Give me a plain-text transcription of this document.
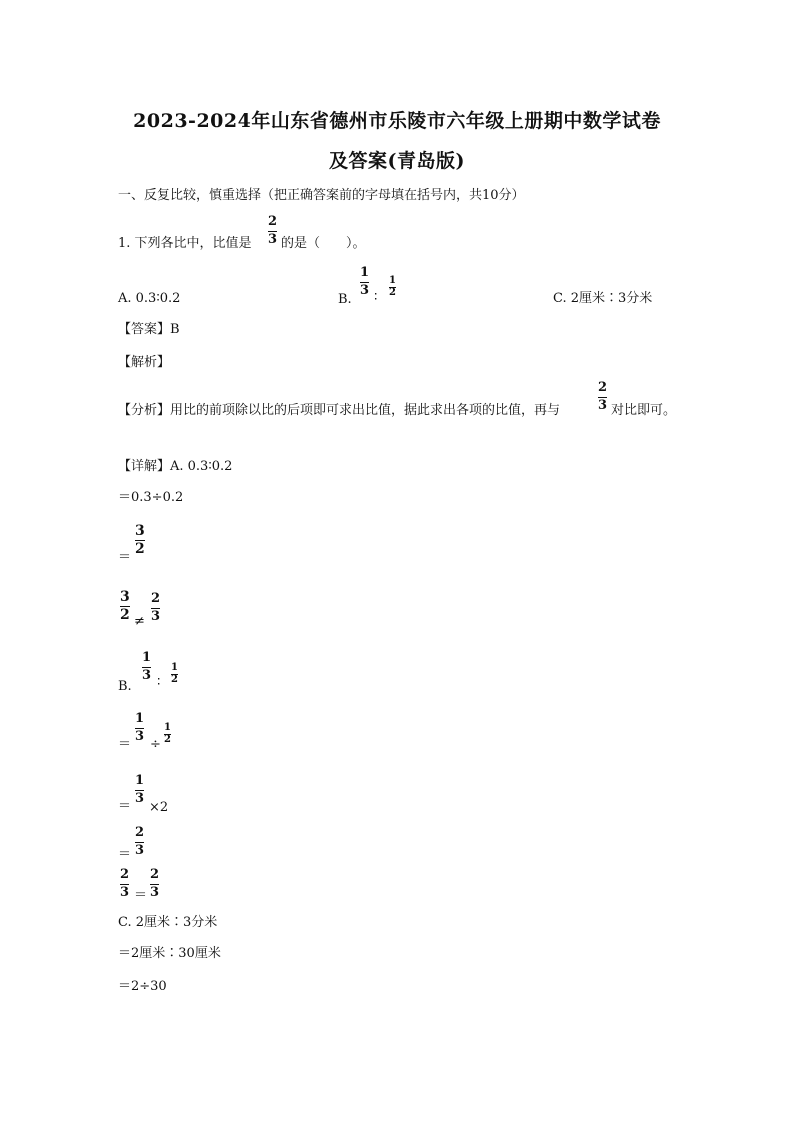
2023-2024年山东省德州市乐陵市六年级上册期中数学试卷
及答案(青岛版)
一、反复比较，慎重选择（把正确答案前的字母填在括号内，共10分）
1. 下列各比中，比值是
2
3 的是（　　）。
A. 0.3∶0.2	B.
1
3 ∶
1
2	C. 2厘米∶3分米
【答案】B
【解析】
【分析】用比的前项除以比的后项即可求出比值，据此求出各项的比值，再与
2
3 对比即可。
【详解】A. 0.3∶0.2
＝0.3÷0.2
＝
3
2
3
2 ≠
2
3
B.
1
3 ∶
1
2
＝
1
3
÷
1
2
＝
1
3
×2
＝
2
3
2
3 ＝
2
3
C. 2厘米∶3分米
＝2厘米∶30厘米
＝2÷30
